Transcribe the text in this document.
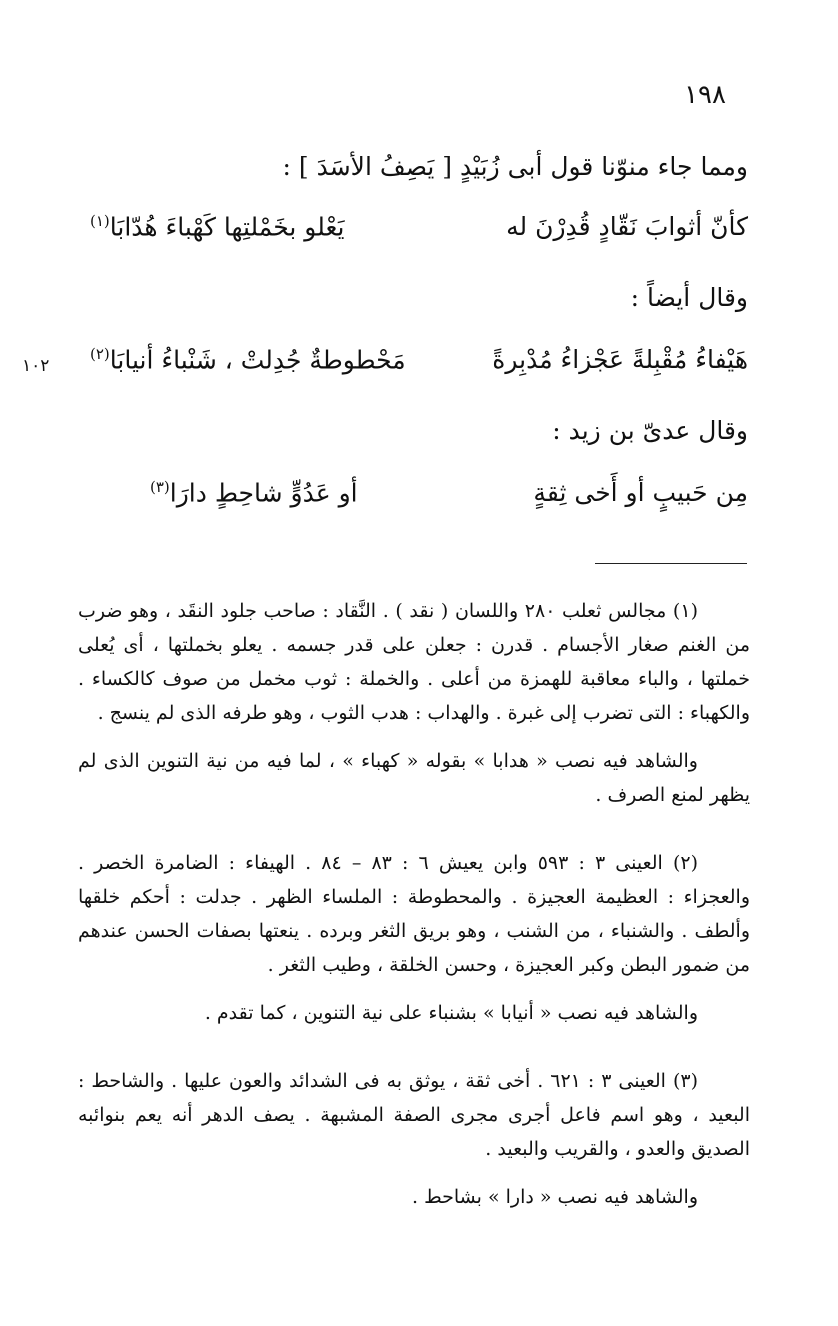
١٩٨
ومما جاء منوّنا قول أبى زُبَيْدٍ [ يَصِفُ الأسَدَ ] :
كأنّ أثوابَ نَقّادٍ قُدِرْنَ له
يَعْلو بخَمْلتِها كَهْباءَ هُدّابَا$^{(١)}$
وقال أيضاً :
هَيْفاءُ مُقْبِلةً عَجْزاءُ مُدْبِرةً
مَحْطوطةٌ جُدِلتْ ، شَنْباءُ أنيابَا$^{(٢)}$
١٠٢
وقال عدىّ بن زيد :
مِن حَبيبٍ أو أَخى ثِقةٍ
أو عَدُوٍّ شاحِطٍ دارَا$^{(٣)}$

(١) مجالس ثعلب ٢٨٠ واللسان ( نقد ) . النَّقاد : صاحب جلود النقَد ، وهو ضرب من الغنم صغار الأجسام . قدرن : جعلن على قدر جسمه . يعلو بخملتها ، أى يُعلى خملتها ، والباء معاقبة للهمزة من أعلى . والخملة : ثوب مخمل من صوف كالكساء . والكهباء : التى تضرب إلى غبرة . والهداب : هدب الثوب ، وهو طرفه الذى لم ينسج .

والشاهد فيه نصب « هدابا » بقوله « كهباء » ، لما فيه من نية التنوين الذى لم يظهر لمنع الصرف .

(٢) العينى ٣ : ٥٩٣ وابن يعيش ٦ : ٨٣ – ٨٤ . الهيفاء : الضامرة الخصر . والعجزاء : العظيمة العجيزة . والمحطوطة : الملساء الظهر . جدلت : أحكم خلقها وألطف . والشنباء ، من الشنب ، وهو بريق الثغر وبرده . ينعتها بصفات الحسن عندهم من ضمور البطن وكبر العجيزة ، وحسن الخلقة ، وطيب الثغر .

والشاهد فيه نصب « أنيابا » بشنباء على نية التنوين ، كما تقدم .

(٣) العينى ٣ : ٦٢١ . أخى ثقة ، يوثق به فى الشدائد والعون عليها . والشاحط : البعيد ، وهو اسم فاعل أجرى مجرى الصفة المشبهة . يصف الدهر أنه يعم بنوائبه الصديق والعدو ، والقريب والبعيد .

والشاهد فيه نصب « دارا » بشاحط .
